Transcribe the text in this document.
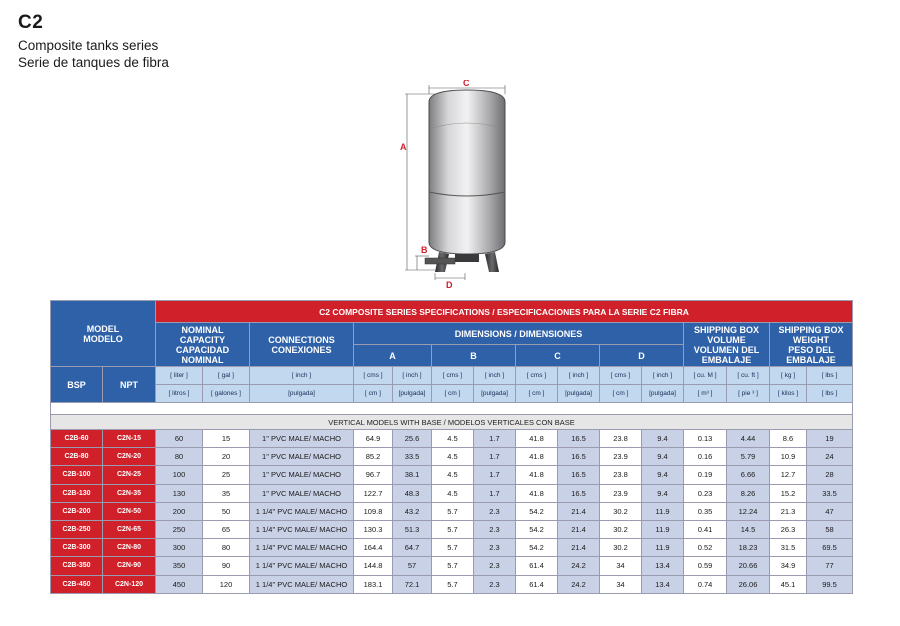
C2
Composite tanks series
Serie de tanques de fibra
A
B
C
D
MODEL
MODELO		C2 COMPOSITE SERIES SPECIFICATIONS / ESPECIFICACIONES PARA LA SERIE C2 FIBRA														
		NOMINAL
CAPACITY
CAPACIDAD
NOMINAL		CONNECTIONS
CONEXIONES	DIMENSIONS / DIMENSIONES								SHIPPING BOX
VOLUME
VOLUMEN DEL
EMBALAJE		SHIPPING BOX
WEIGHT
PESO DEL
EMBALAJE	
					A		B		C		D					
BSP	NPT	[ liter ]	[ gal ]	[ inch ]	[ cms ]	[ inch ]	[ cms ]	[ inch ]	[ cms ]	[ inch ]	[ cms ]	[ inch ]	[ cu. M ]	[ cu. ft ]	[ kg ]	[ lbs ]
		[ litros ]	[ galones ]	[pulgada]	[ cm ]	[pulgada]	[ cm ]	[pulgada]	[ cm ]	[pulgada]	[ cm ]	[pulgada]	[ m³ ]	[ pie ³ ]	[ kilos ]	[ lbs ]

VERTICAL MODELS WITH BASE / MODELOS VERTICALES CON BASE																
C2B-60	C2N-15	60	15	1" PVC MALE/ MACHO	64.9	25.6	4.5	1.7	41.8	16.5	23.8	9.4	0.13	4.44	8.6	19
C2B-80	C2N-20	80	20	1" PVC MALE/ MACHO	85.2	33.5	4.5	1.7	41.8	16.5	23.9	9.4	0.16	5.79	10.9	24
C2B-100	C2N-25	100	25	1" PVC MALE/ MACHO	96.7	38.1	4.5	1.7	41.8	16.5	23.8	9.4	0.19	6.66	12.7	28
C2B-130	C2N-35	130	35	1" PVC MALE/ MACHO	122.7	48.3	4.5	1.7	41.8	16.5	23.9	9.4	0.23	8.26	15.2	33.5
C2B-200	C2N-50	200	50	1 1/4" PVC MALE/ MACHO	109.8	43.2	5.7	2.3	54.2	21.4	30.2	11.9	0.35	12.24	21.3	47
C2B-250	C2N-65	250	65	1 1/4" PVC MALE/ MACHO	130.3	51.3	5.7	2.3	54.2	21.4	30.2	11.9	0.41	14.5	26.3	58
C2B-300	C2N-80	300	80	1 1/4" PVC MALE/ MACHO	164.4	64.7	5.7	2.3	54.2	21.4	30.2	11.9	0.52	18.23	31.5	69.5
C2B-350	C2N-90	350	90	1 1/4" PVC MALE/ MACHO	144.8	57	5.7	2.3	61.4	24.2	34	13.4	0.59	20.66	34.9	77
C2B-450	C2N-120	450	120	1 1/4" PVC MALE/ MACHO	183.1	72.1	5.7	2.3	61.4	24.2	34	13.4	0.74	26.06	45.1	99.5
